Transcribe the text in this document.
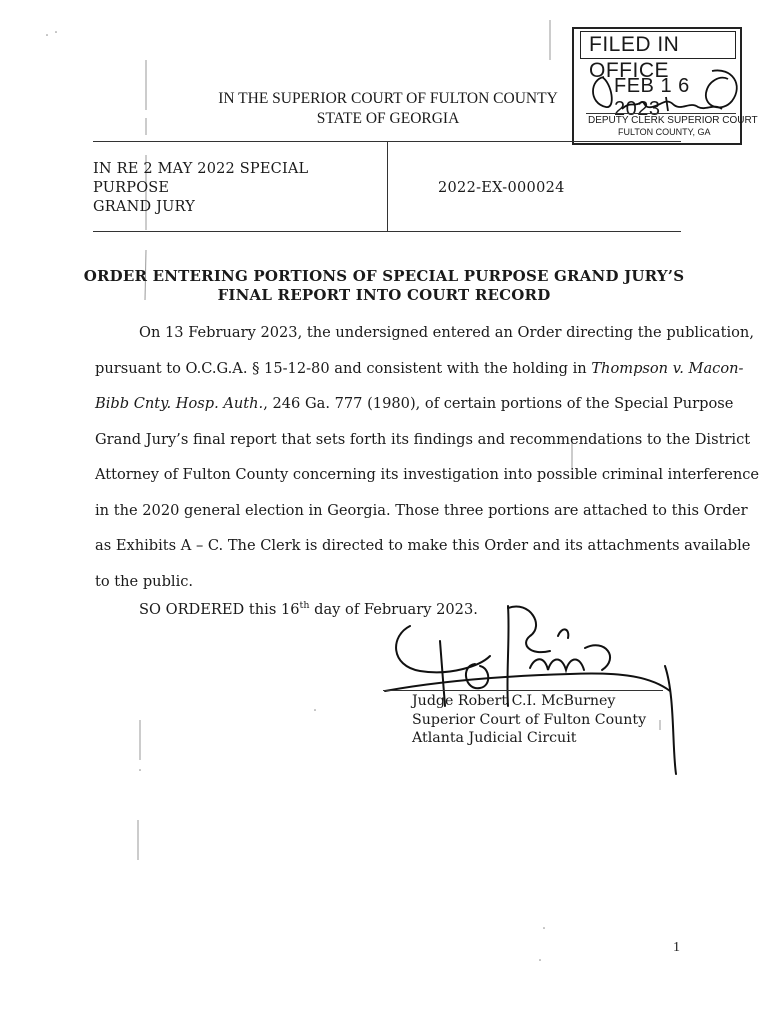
FILED IN OFFICE
FEB 1 6 2023
DEPUTY CLERK SUPERIOR COURT
FULTON COUNTY, GA
IN THE SUPERIOR COURT OF FULTON COUNTY
STATE OF GEORGIA
IN RE 2 MAY 2022 SPECIAL PURPOSE
GRAND JURY
2022-EX-000024
ORDER ENTERING PORTIONS OF SPECIAL PURPOSE GRAND JURY’S
FINAL REPORT INTO COURT RECORD
On 13 February 2023, the undersigned entered an Order directing the publication,
pursuant to O.C.G.A. § 15-12-80 and consistent with the holding in Thompson v. Macon-
Bibb Cnty. Hosp. Auth., 246 Ga. 777 (1980), of certain portions of the Special Purpose
Grand Jury’s final report that sets forth its findings and recommendations to the District
Attorney of Fulton County concerning its investigation into possible criminal interference
in the 2020 general election in Georgia. Those three portions are attached to this Order
as Exhibits A – C. The Clerk is directed to make this Order and its attachments available
to the public.
SO ORDERED this 16th day of February 2023.
Judge Robert C.I. McBurney
Superior Court of Fulton County
Atlanta Judicial Circuit
1
